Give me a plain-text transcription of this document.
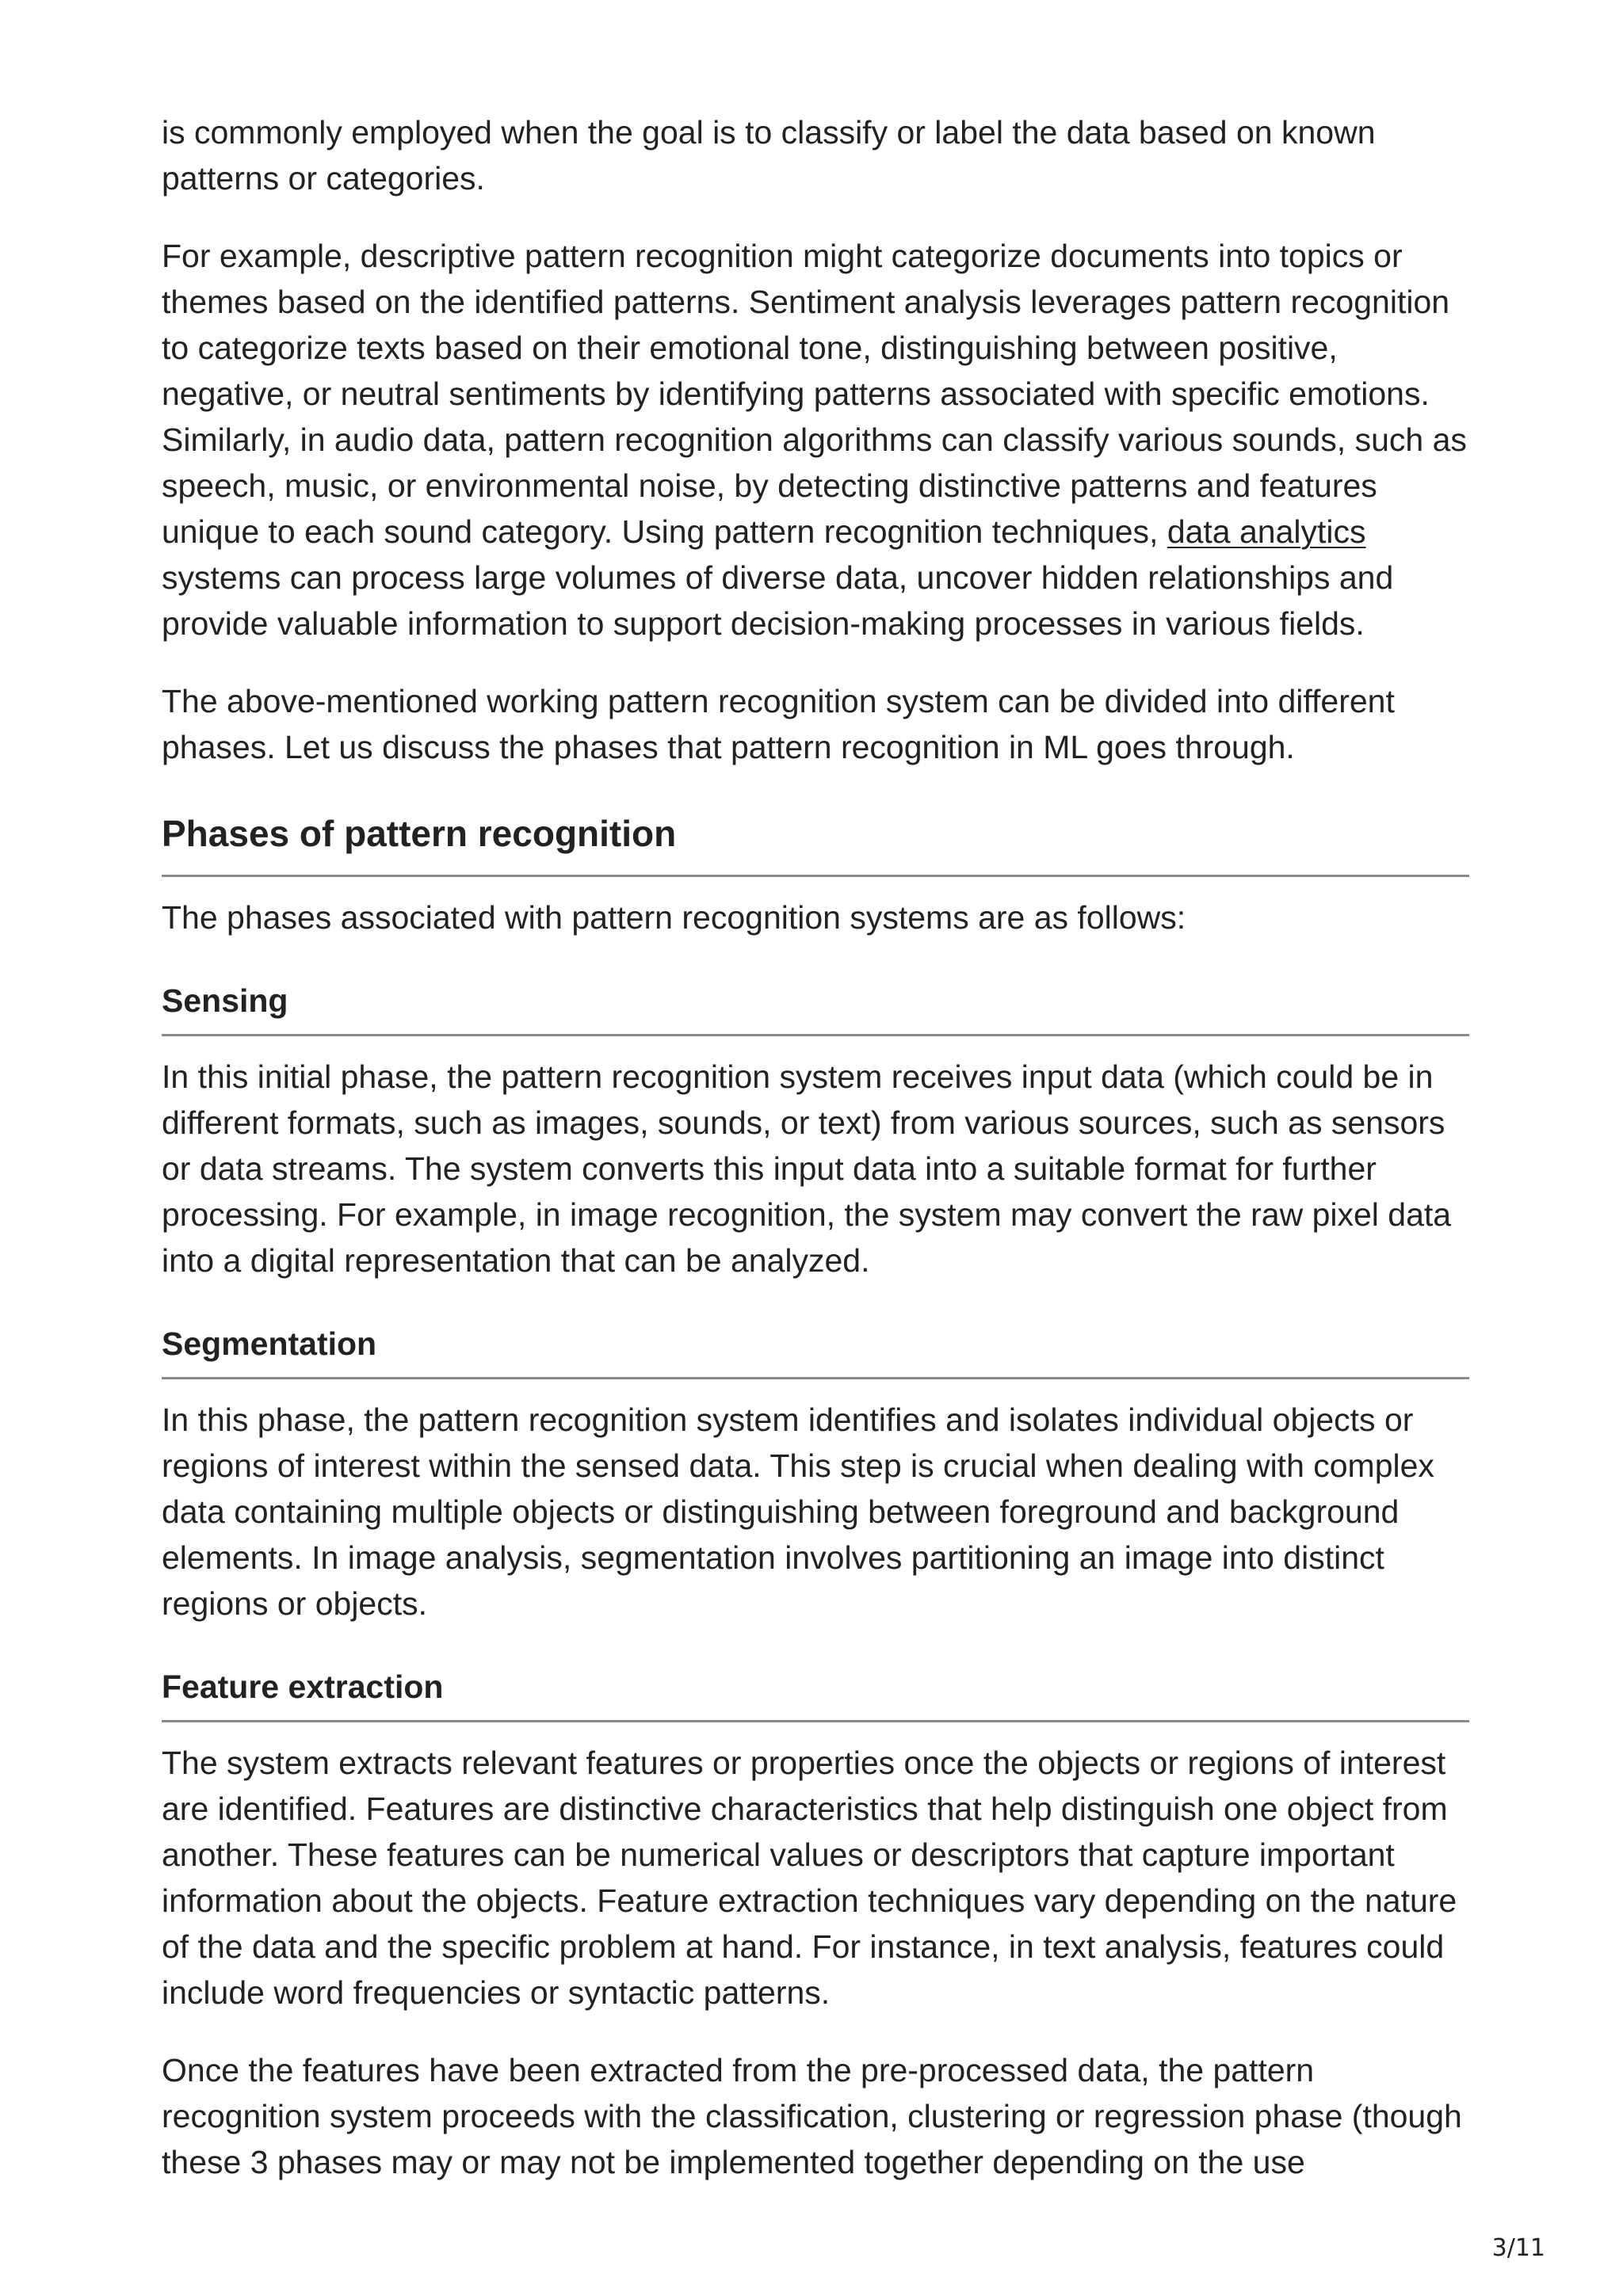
is commonly employed when the goal is to classify or label the data based on known patterns or categories.

For example, descriptive pattern recognition might categorize documents into topics or themes based on the identified patterns. Sentiment analysis leverages pattern recognition to categorize texts based on their emotional tone, distinguishing between positive, negative, or neutral sentiments by identifying patterns associated with specific emotions. Similarly, in audio data, pattern recognition algorithms can classify various sounds, such as speech, music, or environmental noise, by detecting distinctive patterns and features unique to each sound category. Using pattern recognition techniques, data analytics systems can process large volumes of diverse data, uncover hidden relationships and provide valuable information to support decision-making processes in various fields.

The above-mentioned working pattern recognition system can be divided into different phases. Let us discuss the phases that pattern recognition in ML goes through.

Phases of pattern recognition

The phases associated with pattern recognition systems are as follows:

Sensing

In this initial phase, the pattern recognition system receives input data (which could be in different formats, such as images, sounds, or text) from various sources, such as sensors or data streams. The system converts this input data into a suitable format for further processing. For example, in image recognition, the system may convert the raw pixel data into a digital representation that can be analyzed.

Segmentation

In this phase, the pattern recognition system identifies and isolates individual objects or regions of interest within the sensed data. This step is crucial when dealing with complex data containing multiple objects or distinguishing between foreground and background elements. In image analysis, segmentation involves partitioning an image into distinct regions or objects.

Feature extraction

The system extracts relevant features or properties once the objects or regions of interest are identified. Features are distinctive characteristics that help distinguish one object from another. These features can be numerical values or descriptors that capture important information about the objects. Feature extraction techniques vary depending on the nature of the data and the specific problem at hand. For instance, in text analysis, features could include word frequencies or syntactic patterns.

Once the features have been extracted from the pre-processed data, the pattern recognition system proceeds with the classification, clustering or regression phase (though these 3 phases may or may not be implemented together depending on the use

3/11
